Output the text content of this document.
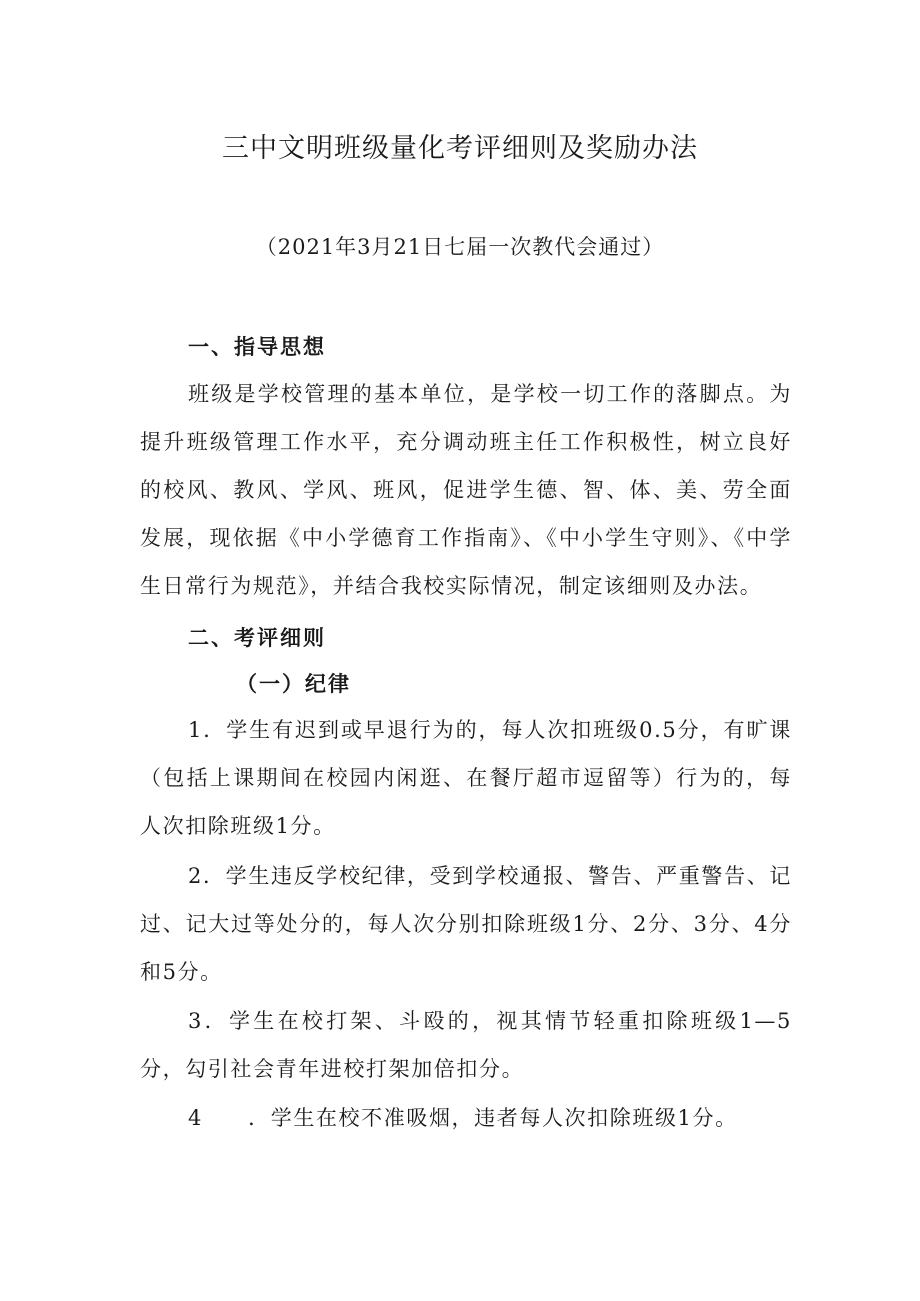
三中文明班级量化考评细则及奖励办法
（2021年3月21日七届一次教代会通过）
一、指导思想
班级是学校管理的基本单位，是学校一切工作的落脚点。为提升班级管理工作水平，充分调动班主任工作积极性，树立良好的校风、教风、学风、班风，促进学生德、智、体、美、劳全面发展，现依据《中小学德育工作指南》、《中小学生守则》、《中学生日常行为规范》，并结合我校实际情况，制定该细则及办法。
二、考评细则
（一）纪律
1．学生有迟到或早退行为的，每人次扣班级0.5分，有旷课（包括上课期间在校园内闲逛、在餐厅超市逗留等）行为的，每人次扣除班级1分。
2．学生违反学校纪律，受到学校通报、警告、严重警告、记过、记大过等处分的，每人次分别扣除班级1分、2分、3分、4分和5分。
3．学生在校打架、斗殴的，视其情节轻重扣除班级1—5分，勾引社会青年进校打架加倍扣分。
4　　．学生在校不准吸烟，违者每人次扣除班级1分。
